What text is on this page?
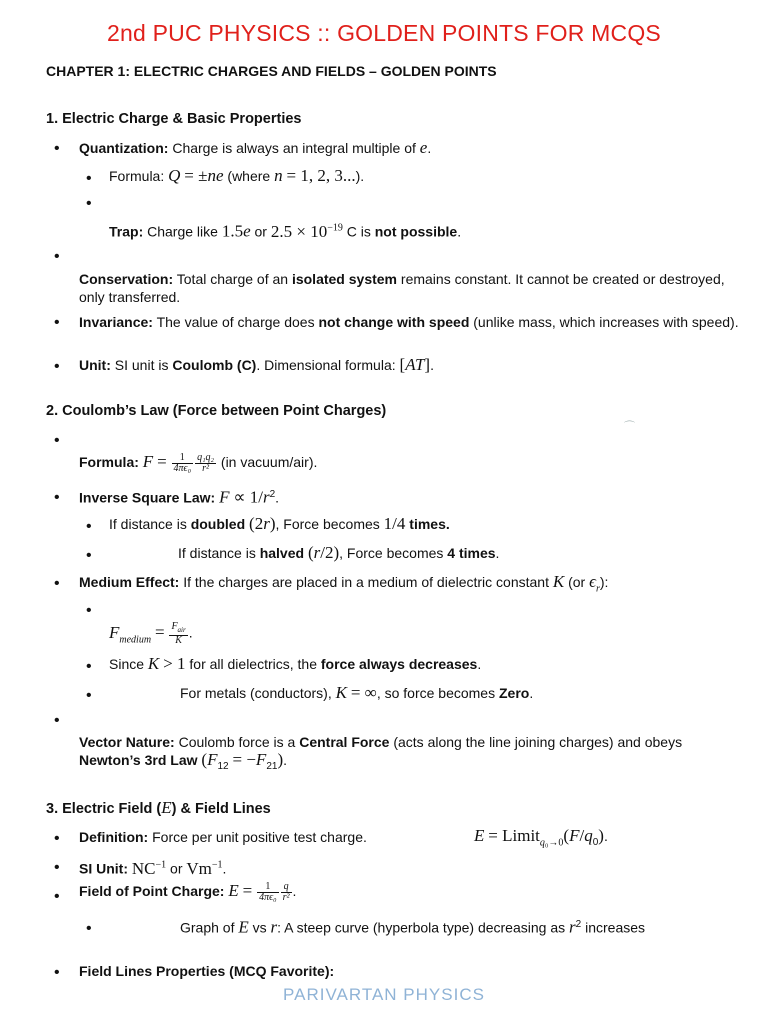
2nd PUC PHYSICS :: GOLDEN POINTS FOR MCQS
CHAPTER 1: ELECTRIC CHARGES AND FIELDS – GOLDEN POINTS
1. Electric Charge & Basic Properties
• Quantization: Charge is always an integral multiple of e.
• Formula: Q = ±ne (where n = 1, 2, 3...).
•
Trap: Charge like 1.5e or $2.5 \times 10^{-19}$ C is not possible.
•
Conservation: Total charge of an isolated system remains constant. It cannot be created or destroyed, only transferred.
• Invariance: The value of charge does not change with speed (unlike mass, which increases with speed).
• Unit: SI unit is Coulomb (C). Dimensional formula: [AT].
2. Coulomb’s Law (Force between Point Charges)
⌒
•
Formula: $F = \frac{1}{\text{4πϵ₀}} \frac{\text{q₁q₂}}{\text{r²}} (in$ vacuum/air).
• Inverse Square Law: $F \propto 1/r^2$.
• If distance is doubled (2r), Force becomes 1/4 times.
•	If distance is halved (r/2), Force becomes 4 times.
• Medium Effect: If the charges are placed in a medium of dielectric constant K (or $\epsilon_r$):
•
$F_{medium} = \frac{F_{air}}{K}$ .
• Since K > 1 for all dielectrics, the force always decreases.
•	For metals (conductors), K = ∞, so force becomes Zero.
•
Vector Nature: Coulomb force is a Central Force (acts along the line joining charges) and obeys Newton’s 3rd Law $(F_{12} = -F_{21})$.
3. Electric Field (E) & Field Lines
• Definition: Force per unit positive test charge.	$E = Limit_{q_0\to 0}(F/q_0)$.
• SI Unit: $NC^{-1}$ or $Vm^{-1}$.
• Field of Point Charge: $E = \frac{1}{\text{4πϵ₀}} \frac{q}{\text{r²}}$ .
•	Graph of E vs r: A steep curve (hyperbola type) decreasing as $r^2$ increases
• Field Lines Properties (MCQ Favorite):
PARIVARTAN PHYSICS
